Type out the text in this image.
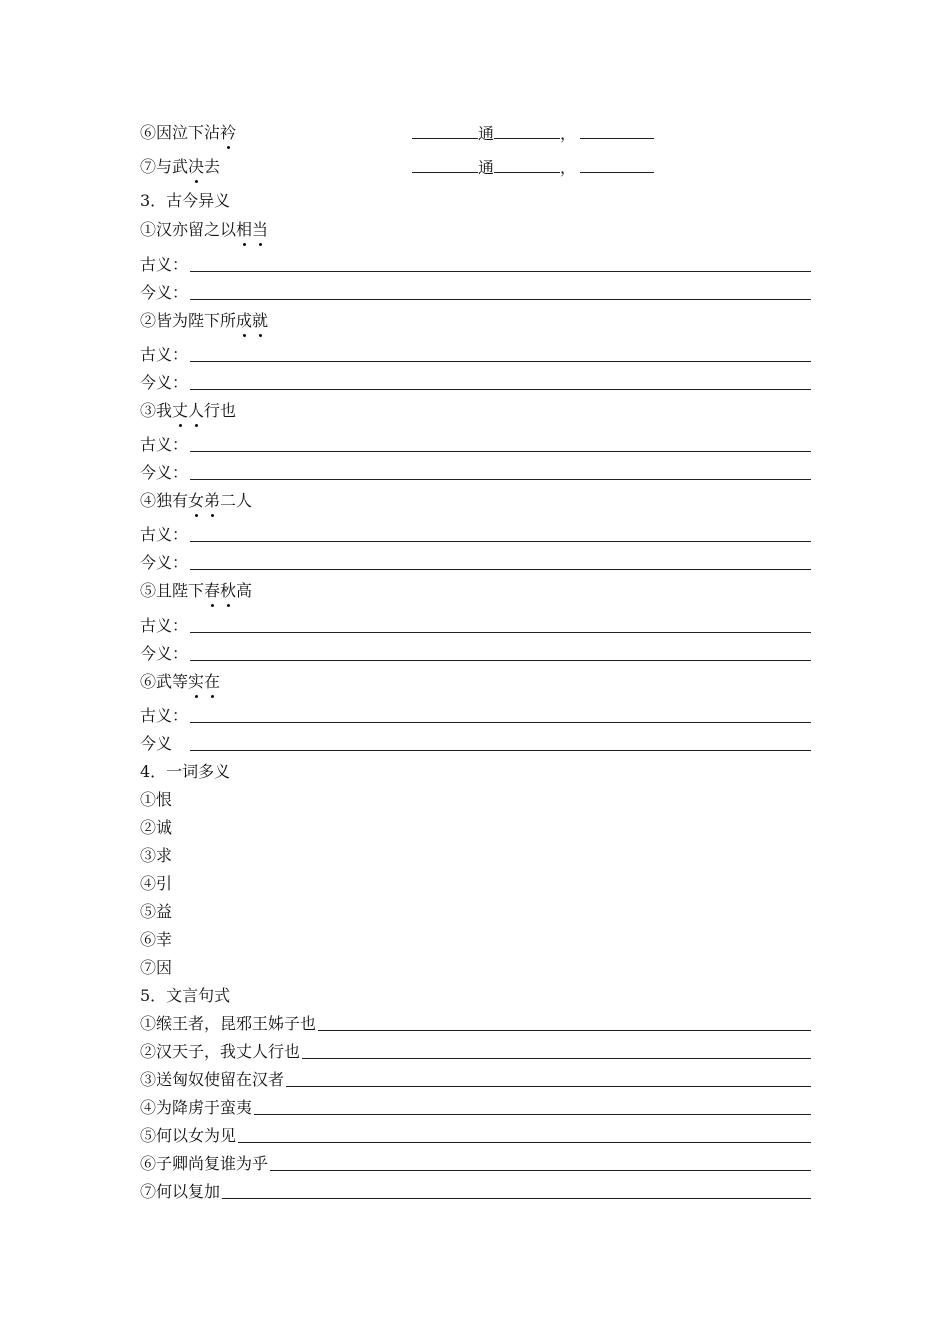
⑥因泣下沾衿	通	，
⑦与武决去	通	，
3．古今异义
①汉亦留之以相当
古义：
今义：
②皆为陛下所成就
古义：
今义：
③我丈人行也
古义：
今义：
④独有女弟二人
古义：
今义：
⑤且陛下春秋高
古义：
今义：
⑥武等实在
古义：
今义
4．一词多义
①恨
②诚
③求
④引
⑤益
⑥幸
⑦因
5．文言句式
①缑王者，昆邪王姊子也
②汉天子，我丈人行也
③送匈奴使留在汉者
④为降虏于蛮夷
⑤何以女为见
⑥子卿尚复谁为乎
⑦何以复加
